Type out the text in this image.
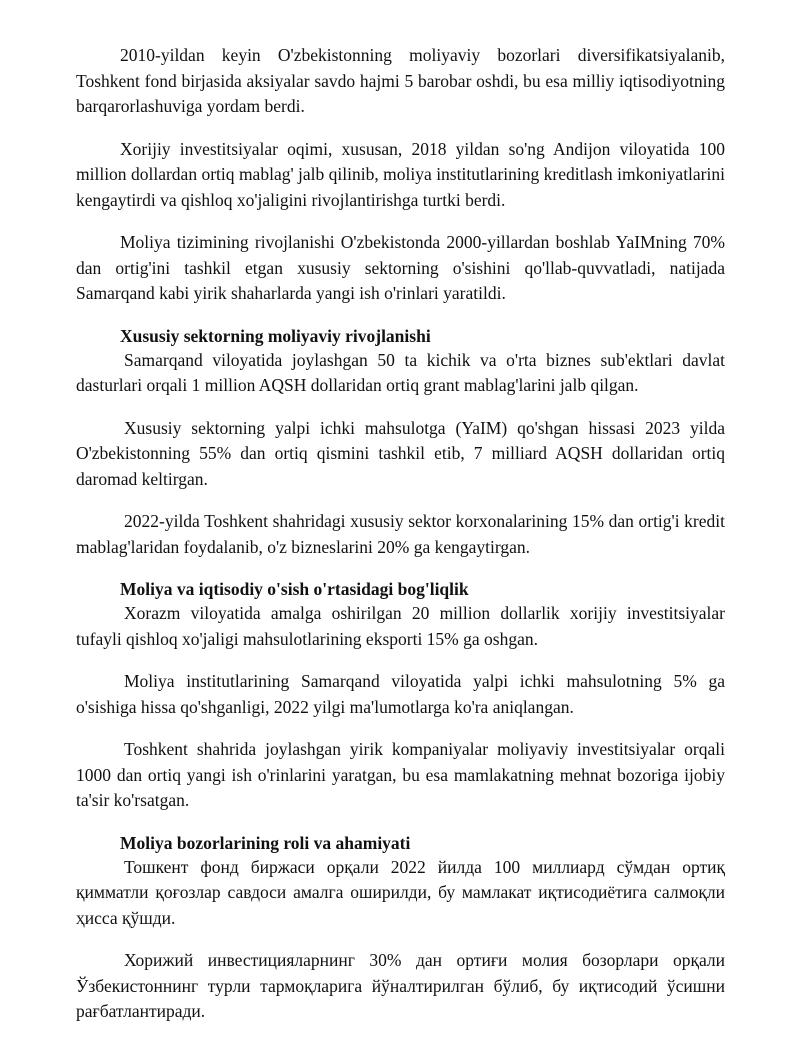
2010-yildan keyin O'zbekistonning moliyaviy bozorlari diversifikatsiyalanib, Toshkent fond birjasida aksiyalar savdo hajmi 5 barobar oshdi, bu esa milliy iqtisodiyotning barqarorlashuviga yordam berdi.

Xorijiy investitsiyalar oqimi, xususan, 2018 yildan so'ng Andijon viloyatida 100 million dollardan ortiq mablag' jalb qilinib, moliya institutlarining kreditlash imkoniyatlarini kengaytirdi va qishloq xo'jaligini rivojlantirishga turtki berdi.

Moliya tizimining rivojlanishi O'zbekistonda 2000-yillardan boshlab YaIMning 70% dan ortig'ini tashkil etgan xususiy sektorning o'sishini qo'llab-quvvatladi, natijada Samarqand kabi yirik shaharlarda yangi ish o'rinlari yaratildi.

Xususiy sektorning moliyaviy rivojlanishi

Samarqand viloyatida joylashgan 50 ta kichik va o'rta biznes sub'ektlari davlat dasturlari orqali 1 million AQSH dollaridan ortiq grant mablag'larini jalb qilgan.

Xususiy sektorning yalpi ichki mahsulotga (YaIM) qo'shgan hissasi 2023 yilda O'zbekistonning 55% dan ortiq qismini tashkil etib, 7 milliard AQSH dollaridan ortiq daromad keltirgan.

2022-yilda Toshkent shahridagi xususiy sektor korxonalarining 15% dan ortig'i kredit mablag'laridan foydalanib, o'z bizneslarini 20% ga kengaytirgan.

Moliya va iqtisodiy o'sish o'rtasidagi bog'liqlik

Xorazm viloyatida amalga oshirilgan 20 million dollarlik xorijiy investitsiyalar tufayli qishloq xo'jaligi mahsulotlarining eksporti 15% ga oshgan.

Moliya institutlarining Samarqand viloyatida yalpi ichki mahsulotning 5% ga o'sishiga hissa qo'shganligi, 2022 yilgi ma'lumotlarga ko'ra aniqlangan.

Toshkent shahrida joylashgan yirik kompaniyalar moliyaviy investitsiyalar orqali 1000 dan ortiq yangi ish o'rinlarini yaratgan, bu esa mamlakatning mehnat bozoriga ijobiy ta'sir ko'rsatgan.

Moliya bozorlarining roli va ahamiyati

Тошкент фонд биржаси орқали 2022 йилда 100 миллиард сўмдан ортиқ қимматли қоғозлар савдоси амалга оширилди, бу мамлакат иқтисодиётига салмоқли ҳисса қўшди.

Хорижий инвестицияларнинг 30% дан ортиғи молия бозорлари орқали Ўзбекистоннинг турли тармоқларига йўналтирилган бўлиб, бу иқтисодий ўсишни рағбатлантиради.
